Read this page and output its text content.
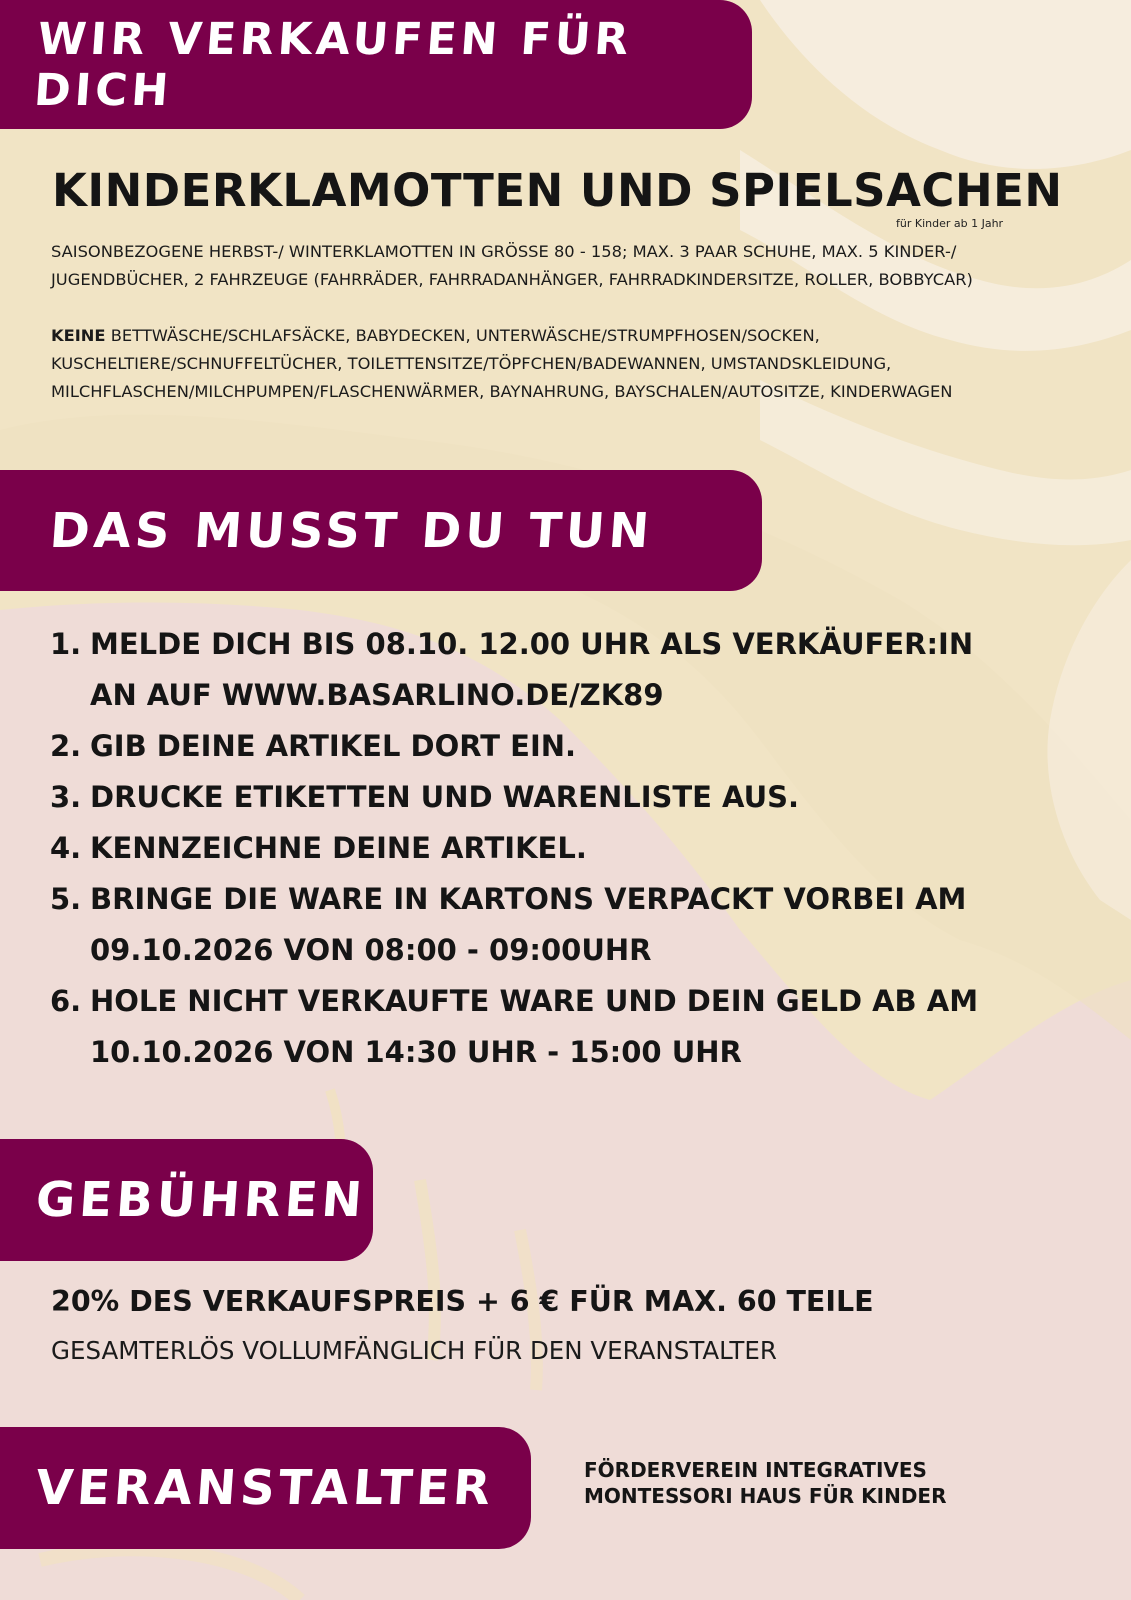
WIR VERKAUFEN FÜR DICH
KINDERKLAMOTTEN UND SPIELSACHEN
für Kinder ab 1 Jahr

SAISONBEZOGENE HERBST-/ WINTERKLAMOTTEN IN GRÖSSE 80 - 158; MAX. 3 PAAR SCHUHE, MAX. 5 KINDER-/ JUGENDBÜCHER, 2 FAHRZEUGE (FAHRRÄDER, FAHRRADANHÄNGER, FAHRRADKINDERSITZE, ROLLER, BOBBYCAR)

KEINE BETTWÄSCHE/SCHLAFSÄCKE, BABYDECKEN, UNTERWÄSCHE/STRUMPFHOSEN/SOCKEN, KUSCHELTIERE/SCHNUFFELTÜCHER, TOILETTENSITZE/TÖPFCHEN/BADEWANNEN, UMSTANDSKLEIDUNG, MILCHFLASCHEN/MILCHPUMPEN/FLASCHENWÄRMER, BAYNAHRUNG, BAYSCHALEN/AUTOSITZE, KINDERWAGEN

DAS MUSST DU TUN
1. MELDE DICH BIS 08.10. 12.00 UHR ALS VERKÄUFER:IN
AN AUF WWW.BASARLINO.DE/ZK89
2. GIB DEINE ARTIKEL DORT EIN.
3. DRUCKE ETIKETTEN UND WARENLISTE AUS.
4. KENNZEICHNE DEINE ARTIKEL.
5. BRINGE DIE WARE IN KARTONS VERPACKT VORBEI AM
09.10.2026 VON 08:00 - 09:00UHR
6. HOLE NICHT VERKAUFTE WARE UND DEIN GELD AB AM
10.10.2026 VON 14:30 UHR - 15:00 UHR
GEBÜHREN

20% DES VERKAUFSPREIS + 6 € FÜR MAX. 60 TEILE

GESAMTERLÖS VOLLUMFÄNGLICH FÜR DEN VERANSTALTER

VERANSTALTER	FÖRDERVEREIN INTEGRATIVES
MONTESSORI HAUS FÜR KINDER
